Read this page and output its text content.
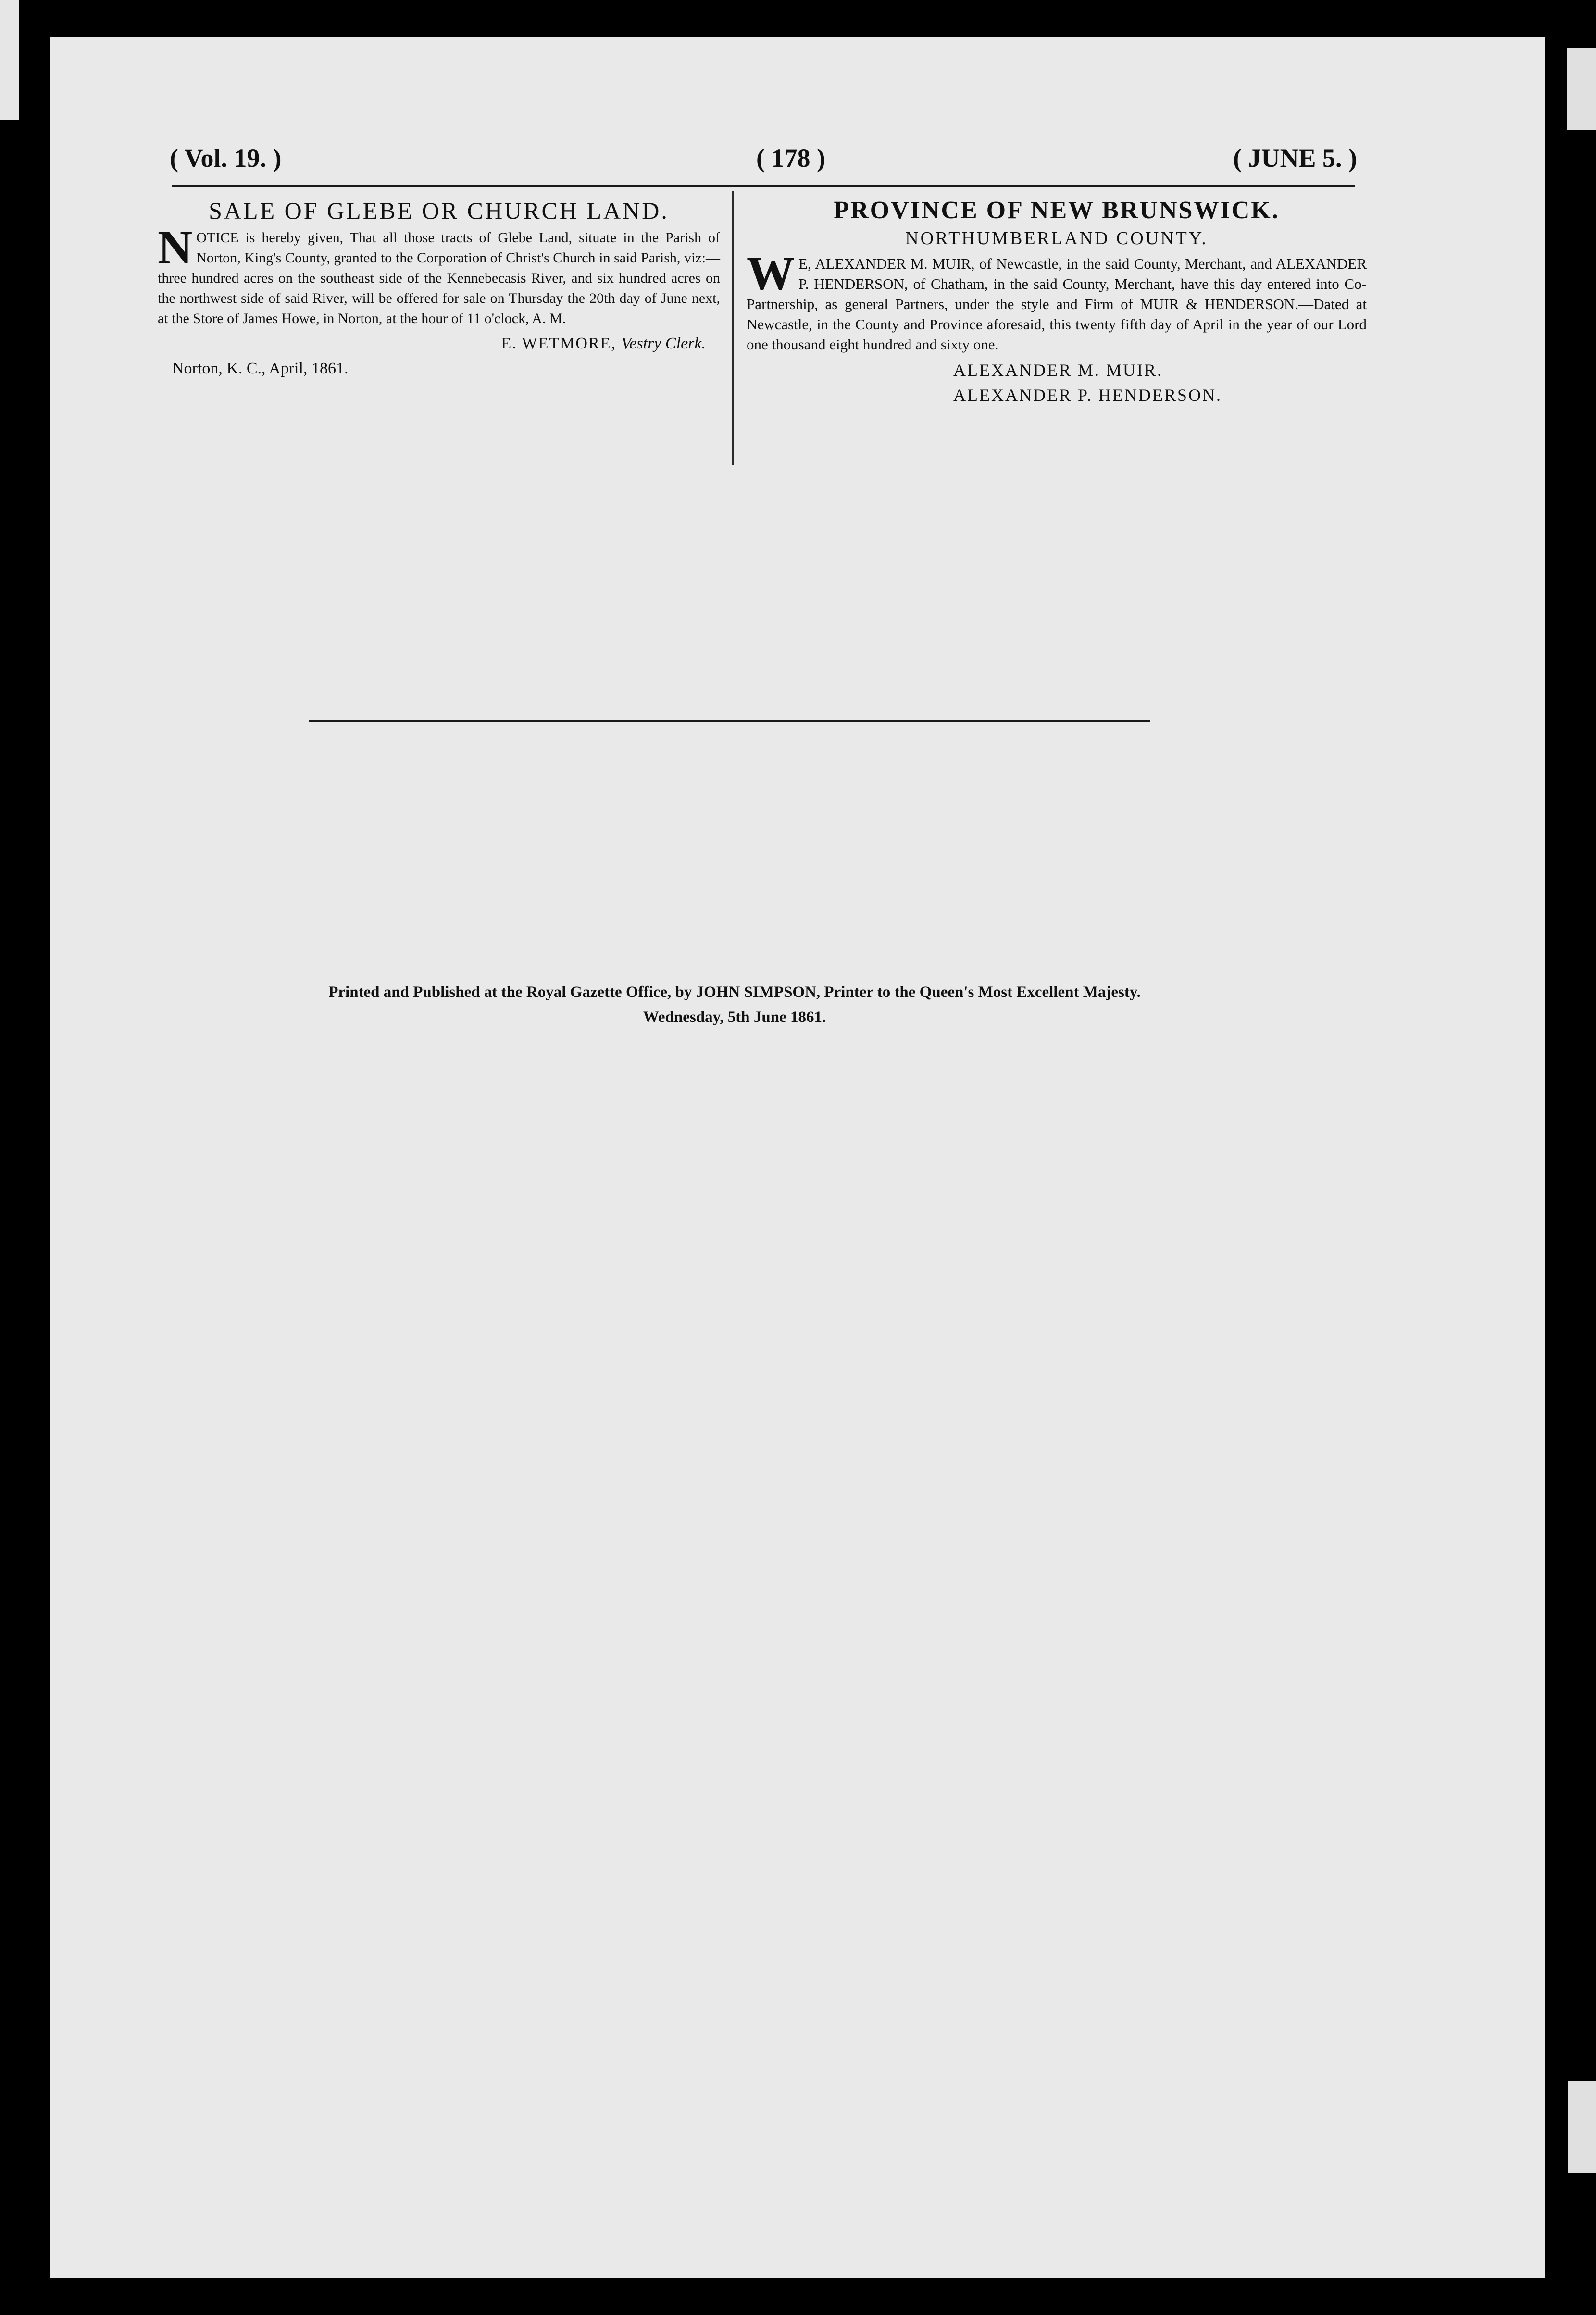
( Vol. 19. )	( 178 )	( JUNE 5. )
SALE OF GLEBE OR CHURCH LAND.

N OTICE is hereby given, That all those tracts of Glebe Land, situate in the Parish of Norton, King's County, granted to the Corporation of Christ's Church in said Parish, viz:—three hundred acres on the southeast side of the Kennebecasis River, and six hundred acres on the northwest side of said River, will be offered for sale on Thursday the 20th day of June next, at the Store of James Howe, in Norton, at the hour of 11 o'clock, A. M.

E. WETMORE, Vestry Clerk.
Norton, K. C., April, 1861.
PROVINCE OF NEW BRUNSWICK.
NORTHUMBERLAND COUNTY.

W E, ALEXANDER M. MUIR, of Newcastle, in the said County, Merchant, and ALEXANDER P. HENDERSON, of Chatham, in the said County, Merchant, have this day entered into Co-Partnership, as general Partners, under the style and Firm of MUIR & HENDERSON.—Dated at Newcastle, in the County and Province aforesaid, this twenty fifth day of April in the year of our Lord one thousand eight hundred and sixty one.

ALEXANDER M. MUIR.
ALEXANDER P. HENDERSON.
Printed and Published at the Royal Gazette Office, by JOHN SIMPSON, Printer to the Queen's Most Excellent Majesty.
Wednesday, 5th June 1861.
